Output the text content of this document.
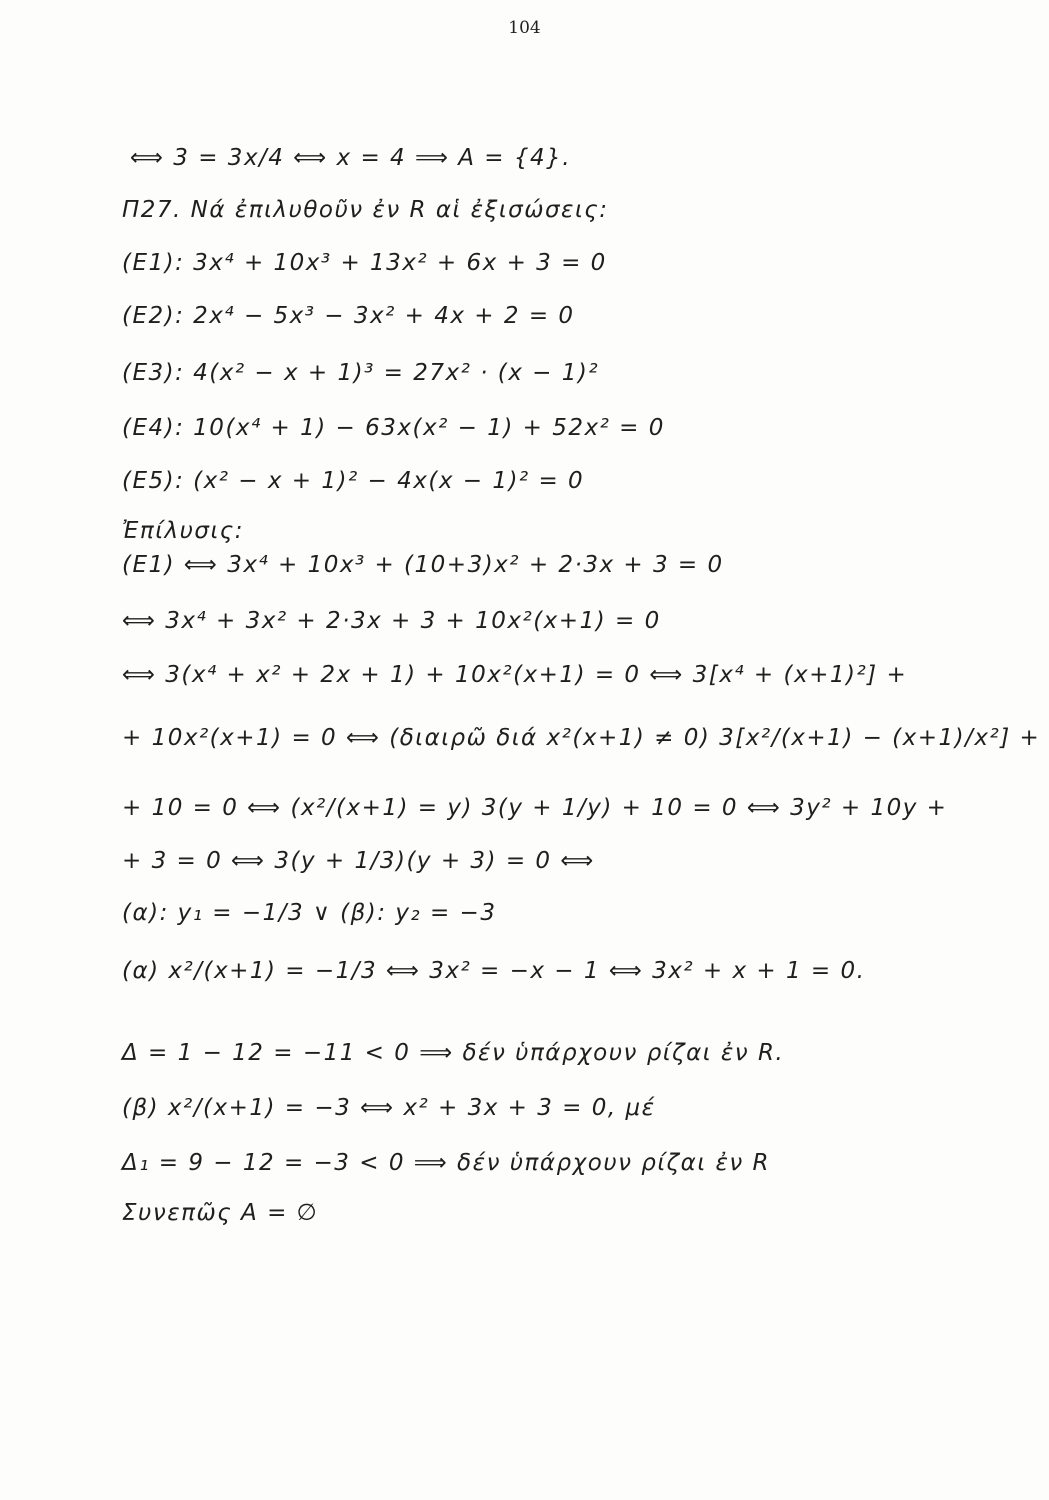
104
⟺ 3 = 3x/4 ⟺ x = 4 ⟹ A = {4}.
Π27. Νά ἐπιλυθοῦν ἐν R αἱ ἐξισώσεις:
(E1): 3x⁴ + 10x³ + 13x² + 6x + 3 = 0
(E2): 2x⁴ − 5x³ − 3x² + 4x + 2 = 0
(E3): 4(x² − x + 1)³ = 27x² · (x − 1)²
(E4): 10(x⁴ + 1) − 63x(x² − 1) + 52x² = 0
(E5): (x² − x + 1)² − 4x(x − 1)² = 0
Ἐπίλυσις:
(E1) ⟺ 3x⁴ + 10x³ + (10+3)x² + 2·3x + 3 = 0
⟺ 3x⁴ + 3x² + 2·3x + 3 + 10x²(x+1) = 0
⟺ 3(x⁴ + x² + 2x + 1) + 10x²(x+1) = 0 ⟺ 3[x⁴ + (x+1)²] +
+ 10x²(x+1) = 0 ⟺ (διαιρῶ διά x²(x+1) ≠ 0) 3[x²/(x+1) − (x+1)/x²] +
+ 10 = 0 ⟺ (x²/(x+1) = y) 3(y + 1/y) + 10 = 0 ⟺ 3y² + 10y +
+ 3 = 0 ⟺ 3(y + 1/3)(y + 3) = 0 ⟺
(α): y₁ = −1/3 ∨ (β): y₂ = −3
(α) x²/(x+1) = −1/3 ⟺ 3x² = −x − 1 ⟺ 3x² + x + 1 = 0.
Δ = 1 − 12 = −11 < 0 ⟹ δέν ὑπάρχουν ρίζαι ἐν R.
(β) x²/(x+1) = −3 ⟺ x² + 3x + 3 = 0, μέ
Δ₁ = 9 − 12 = −3 < 0 ⟹ δέν ὑπάρχουν ρίζαι ἐν R
Συνεπῶς A = ∅
